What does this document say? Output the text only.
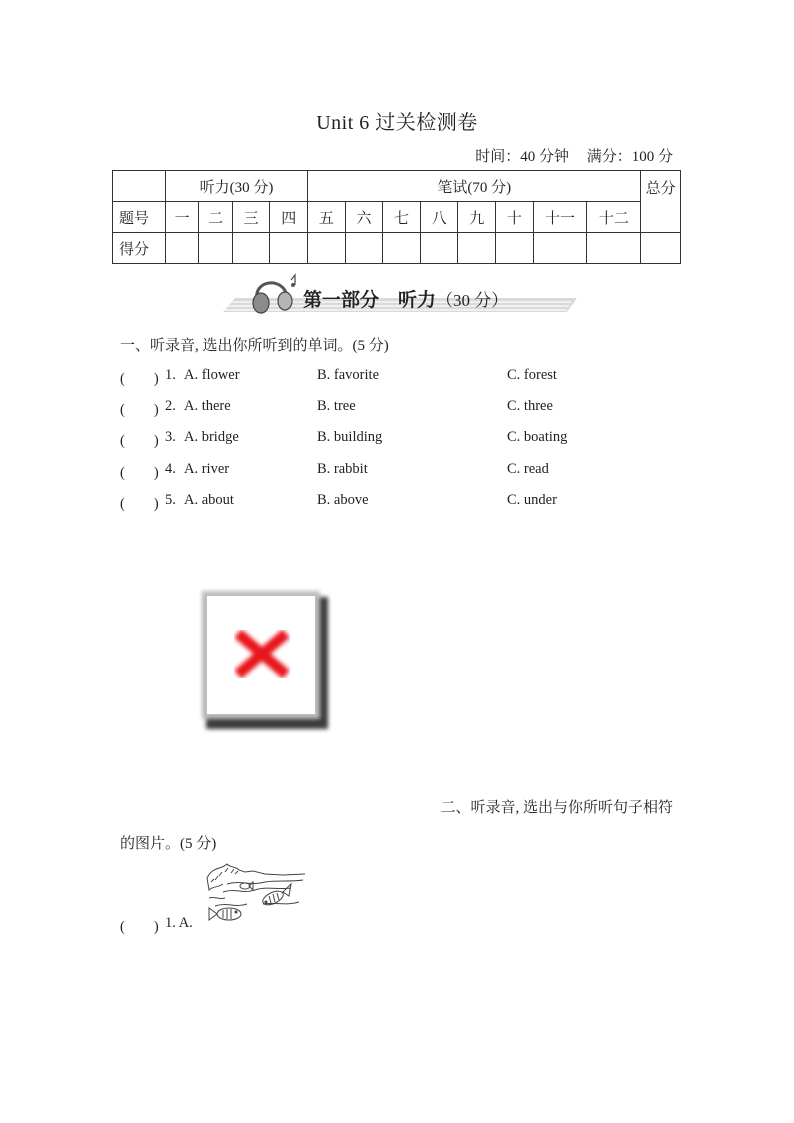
Unit 6 过关检测卷
时间：40 分钟 满分：100 分
	听力(30 分)				笔试(70 分)								总分
题号	一	二	三	四	五	六	七	八	九	十	十一	十二	
得分													
第一部分　听力（30 分）
一、听录音, 选出你所听到的单词。(5 分)
(　　) 1. A. flower	B. favorite	C. forest
(　　) 2. A. there	B. tree	C. three
(　　) 3. A. bridge	B. building	C. boating
(　　) 4. A. river	B. rabbit	C. read
(　　) 5. A. about	B. above	C. under
二、听录音, 选出与你所听句子相符
的图片。(5 分)
(　　) 1. A.
